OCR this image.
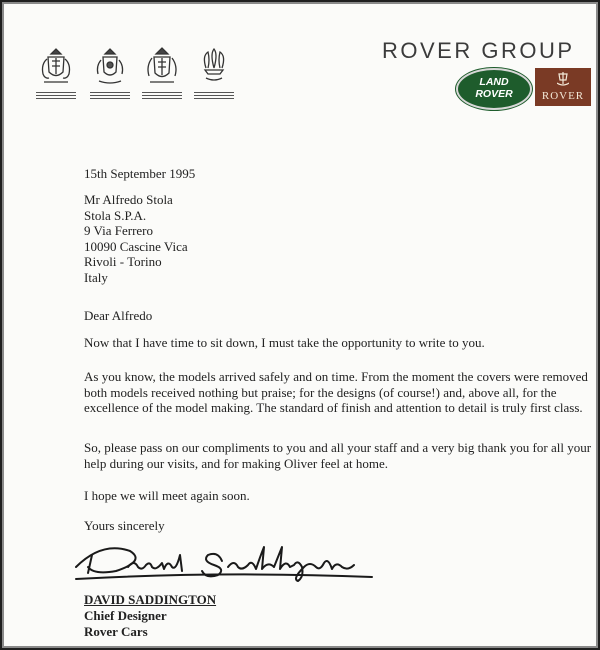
ROVER GROUP
LAND
ROVER	ROVER

15th September 1995

Mr Alfredo Stola
Stola S.P.A.
9 Via Ferrero
10090 Cascine Vica
Rivoli - Torino
Italy

Dear Alfredo

Now that I have time to sit down, I must take the opportunity to write to you.

As you know, the models arrived safely and on time. From the moment the covers were removed both models received nothing but praise; for the designs (of course!) and, above all, for the excellence of the model making. The standard of finish and attention to detail is truly first class.

So, please pass on our compliments to you and all your staff and a very big thank you for all your help during our visits, and for making Oliver feel at home.

I hope we will meet again soon.

Yours sincerely

DAVID SADDINGTON

Chief Designer

Rover Cars
